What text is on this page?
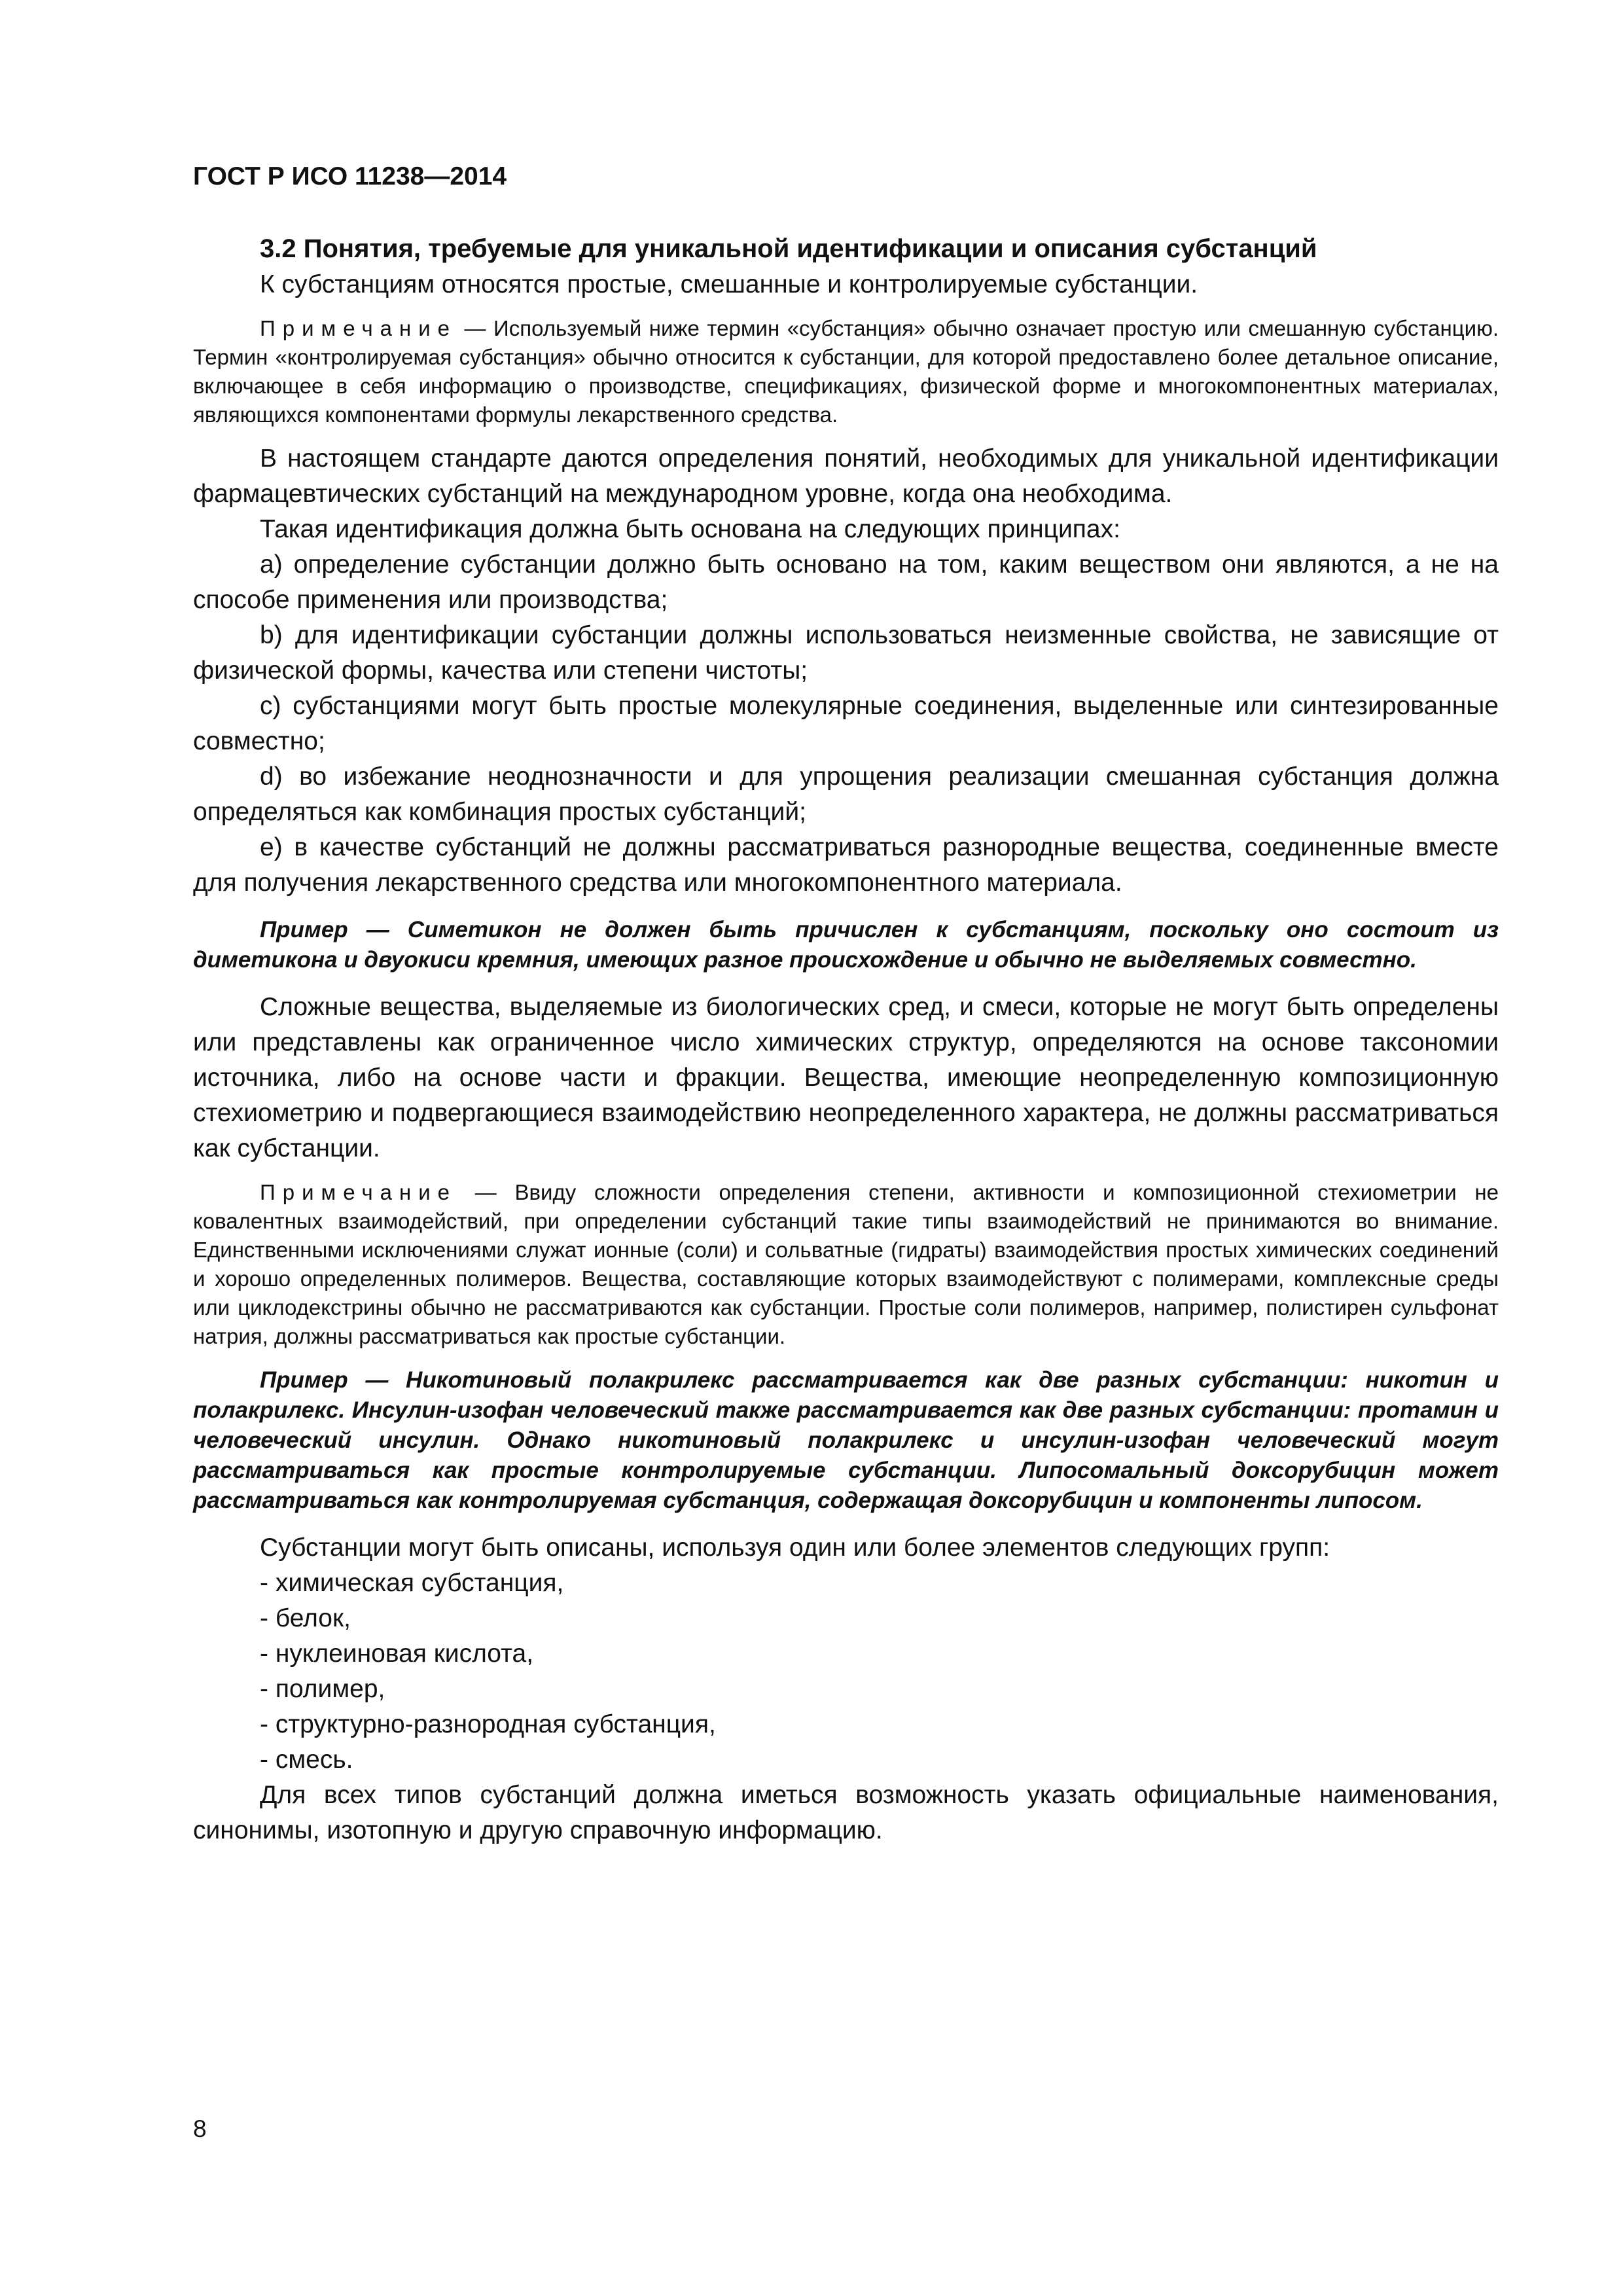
ГОСТ Р ИСО 11238—2014

3.2 Понятия, требуемые для уникальной идентификации и описания субстанций

К субстанциям относятся простые, смешанные и контролируемые субстанции.

Примечание — Используемый ниже термин «субстанция» обычно означает простую или смешанную субстанцию. Термин «контролируемая субстанция» обычно относится к субстанции, для которой предоставлено более детальное описание, включающее в себя информацию о производстве, спецификациях, физической форме и многокомпонентных материалах, являющихся компонентами формулы лекарственного средства.

В настоящем стандарте даются определения понятий, необходимых для уникальной идентификации фармацевтических субстанций на международном уровне, когда она необходима.

Такая идентификация должна быть основана на следующих принципах:

a) определение субстанции должно быть основано на том, каким веществом они являются, а не на способе применения или производства;

b) для идентификации субстанции должны использоваться неизменные свойства, не зависящие от физической формы, качества или степени чистоты;

c) субстанциями могут быть простые молекулярные соединения, выделенные или синтезированные совместно;

d) во избежание неоднозначности и для упрощения реализации смешанная субстанция должна определяться как комбинация простых субстанций;

e) в качестве субстанций не должны рассматриваться разнородные вещества, соединенные вместе для получения лекарственного средства или многокомпонентного материала.

Пример — Симетикон не должен быть причислен к субстанциям, поскольку оно состоит из диметикона и двуокиси кремния, имеющих разное происхождение и обычно не выделяемых совместно.

Сложные вещества, выделяемые из биологических сред, и смеси, которые не могут быть определены или представлены как ограниченное число химических структур, определяются на основе таксономии источника, либо на основе части и фракции. Вещества, имеющие неопределенную композиционную стехиометрию и подвергающиеся взаимодействию неопределенного характера, не должны рассматриваться как субстанции.

Примечание — Ввиду сложности определения степени, активности и композиционной стехиометрии не ковалентных взаимодействий, при определении субстанций такие типы взаимодействий не принимаются во внимание. Единственными исключениями служат ионные (соли) и сольватные (гидраты) взаимодействия простых химических соединений и хорошо определенных полимеров. Вещества, составляющие которых взаимодействуют с полимерами, комплексные среды или циклодекстрины обычно не рассматриваются как субстанции. Простые соли полимеров, например, полистирен сульфонат натрия, должны рассматриваться как простые субстанции.

Пример — Никотиновый полакрилекс рассматривается как две разных субстанции: никотин и полакрилекс. Инсулин-изофан человеческий также рассматривается как две разных субстанции: протамин и человеческий инсулин. Однако никотиновый полакрилекс и инсулин-изофан человеческий могут рассматриваться как простые контролируемые субстанции. Липосомальный доксорубицин может рассматриваться как контролируемая субстанция, содержащая доксорубицин и компоненты липосом.

Субстанции могут быть описаны, используя один или более элементов следующих групп:

- химическая субстанция,
- белок,
- нуклеиновая кислота,
- полимер,
- структурно-разнородная субстанция,
- смесь.

Для всех типов субстанций должна иметься возможность указать официальные наименования, синонимы, изотопную и другую справочную информацию.

8
